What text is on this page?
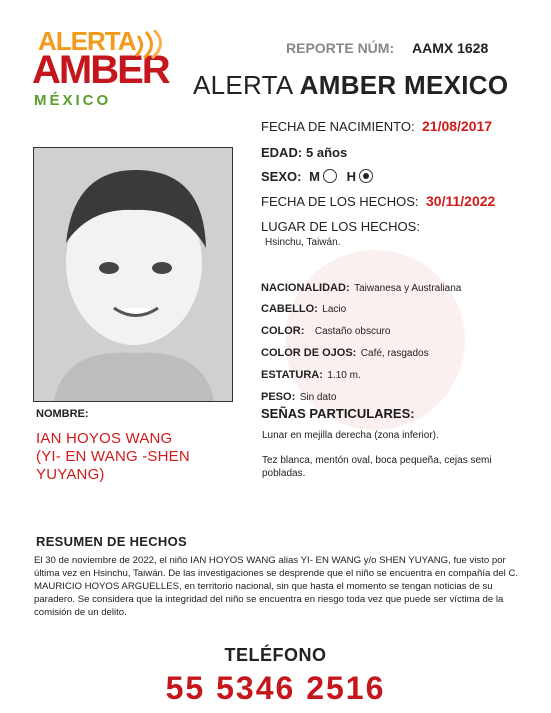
ALERTA
AMBER
MÉXICO
REPORTE NÚM: AAMX 1628
ALERTA AMBER MEXICO
FECHA DE NACIMIENTO: 21/08/2017
EDAD: 5 años
SEXO: M H
FECHA DE LOS HECHOS: 30/11/2022
LUGAR DE LOS HECHOS:
Hsinchu, Taiwán.
NACIONALIDAD: Taiwanesa y Australiana
CABELLO: Lacio
COLOR: Castaño obscuro
COLOR DE OJOS: Café, rasgados
ESTATURA: 1.10 m.
PESO: Sin dato
SEÑAS PARTICULARES:
Lunar en mejilla derecha (zona inferior).
Tez blanca, mentón oval, boca pequeña, cejas semi
pobladas.
NOMBRE:
IAN HOYOS WANG
(YI- EN WANG -SHEN
YUYANG)
RESUMEN DE HECHOS
El 30 de noviembre de 2022, el niño IAN HOYOS WANG alias YI- EN WANG y/o SHEN YUYANG, fue visto por última vez en Hsinchu, Taiwán. De las investigaciones se desprende que el niño se encuentra en compañía del C. MAURICIO HOYOS ARGUELLES, en territorio nacional, sin que hasta el momento se tengan noticias de su paradero. Se considera que la integridad del niño se encuentra en riesgo toda vez que puede ser víctima de la comisión de un delito.
TELÉFONO
55 5346 2516
